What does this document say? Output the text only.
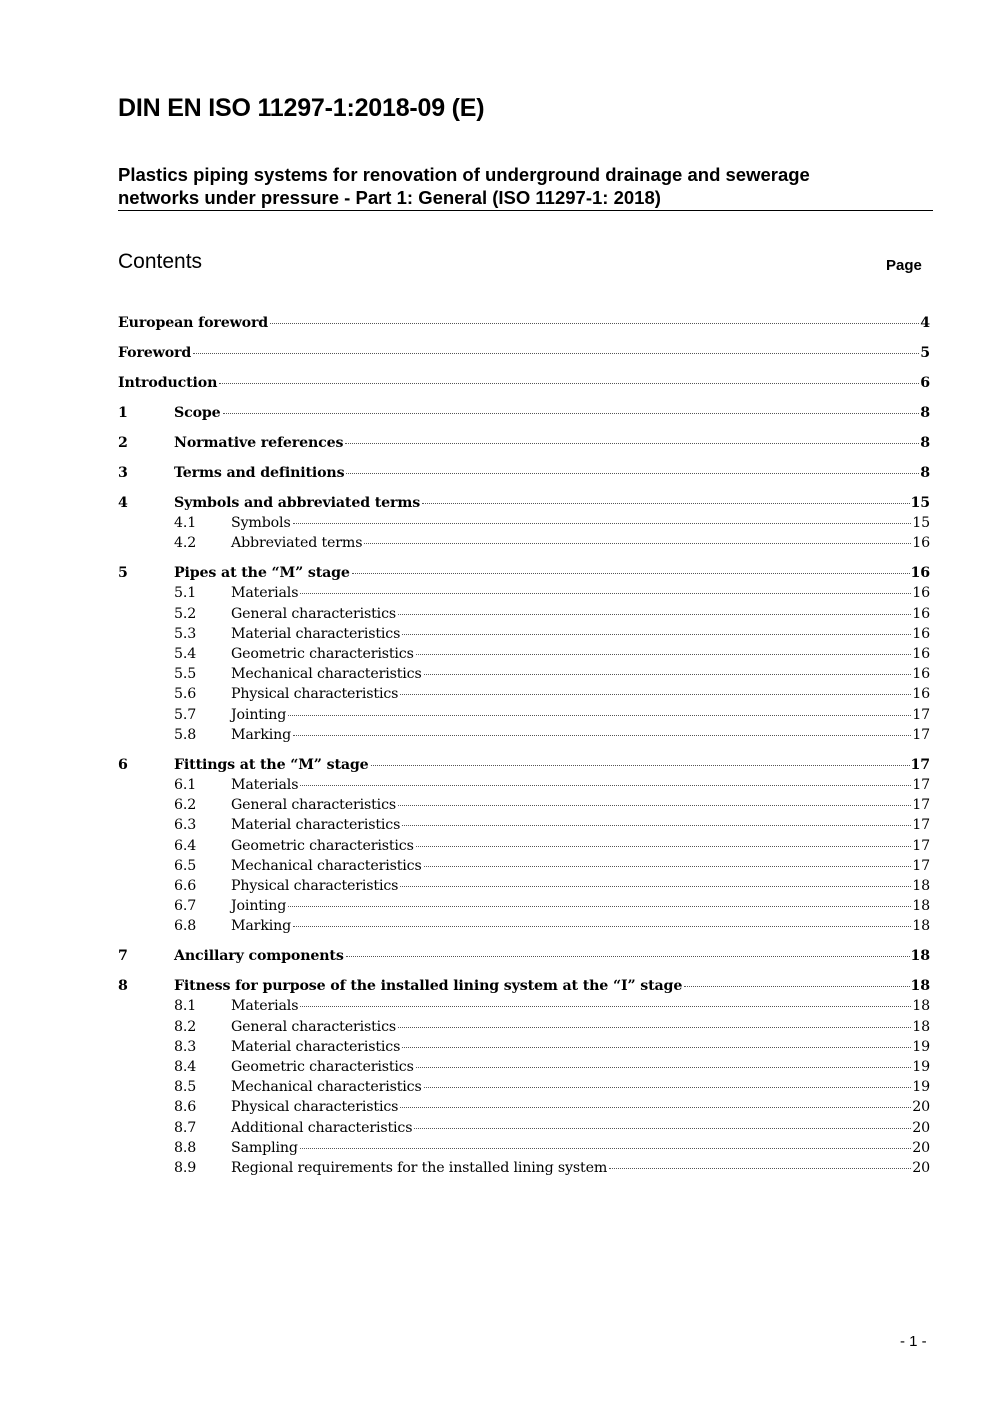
DIN EN ISO 11297-1:2018-09 (E)
Plastics piping systems for renovation of underground drainage and sewerage
networks under pressure - Part 1: General (ISO 11297-1: 2018)
Contents	Page
European foreword	4
Foreword	5
Introduction	6
1	Scope	8
2	Normative references	8
3	Terms and definitions	8
4	Symbols and abbreviated terms	15
4.1	Symbols	15
4.2	Abbreviated terms	16
5	Pipes at the “M” stage	16
5.1	Materials	16
5.2	General characteristics	16
5.3	Material characteristics	16
5.4	Geometric characteristics	16
5.5	Mechanical characteristics	16
5.6	Physical characteristics	16
5.7	Jointing	17
5.8	Marking	17
6	Fittings at the “M” stage	17
6.1	Materials	17
6.2	General characteristics	17
6.3	Material characteristics	17
6.4	Geometric characteristics	17
6.5	Mechanical characteristics	17
6.6	Physical characteristics	18
6.7	Jointing	18
6.8	Marking	18
7	Ancillary components	18
8	Fitness for purpose of the installed lining system at the “I” stage	18
8.1	Materials	18
8.2	General characteristics	18
8.3	Material characteristics	19
8.4	Geometric characteristics	19
8.5	Mechanical characteristics	19
8.6	Physical characteristics	20
8.7	Additional characteristics	20
8.8	Sampling	20
8.9	Regional requirements for the installed lining system	20
- 1 -
